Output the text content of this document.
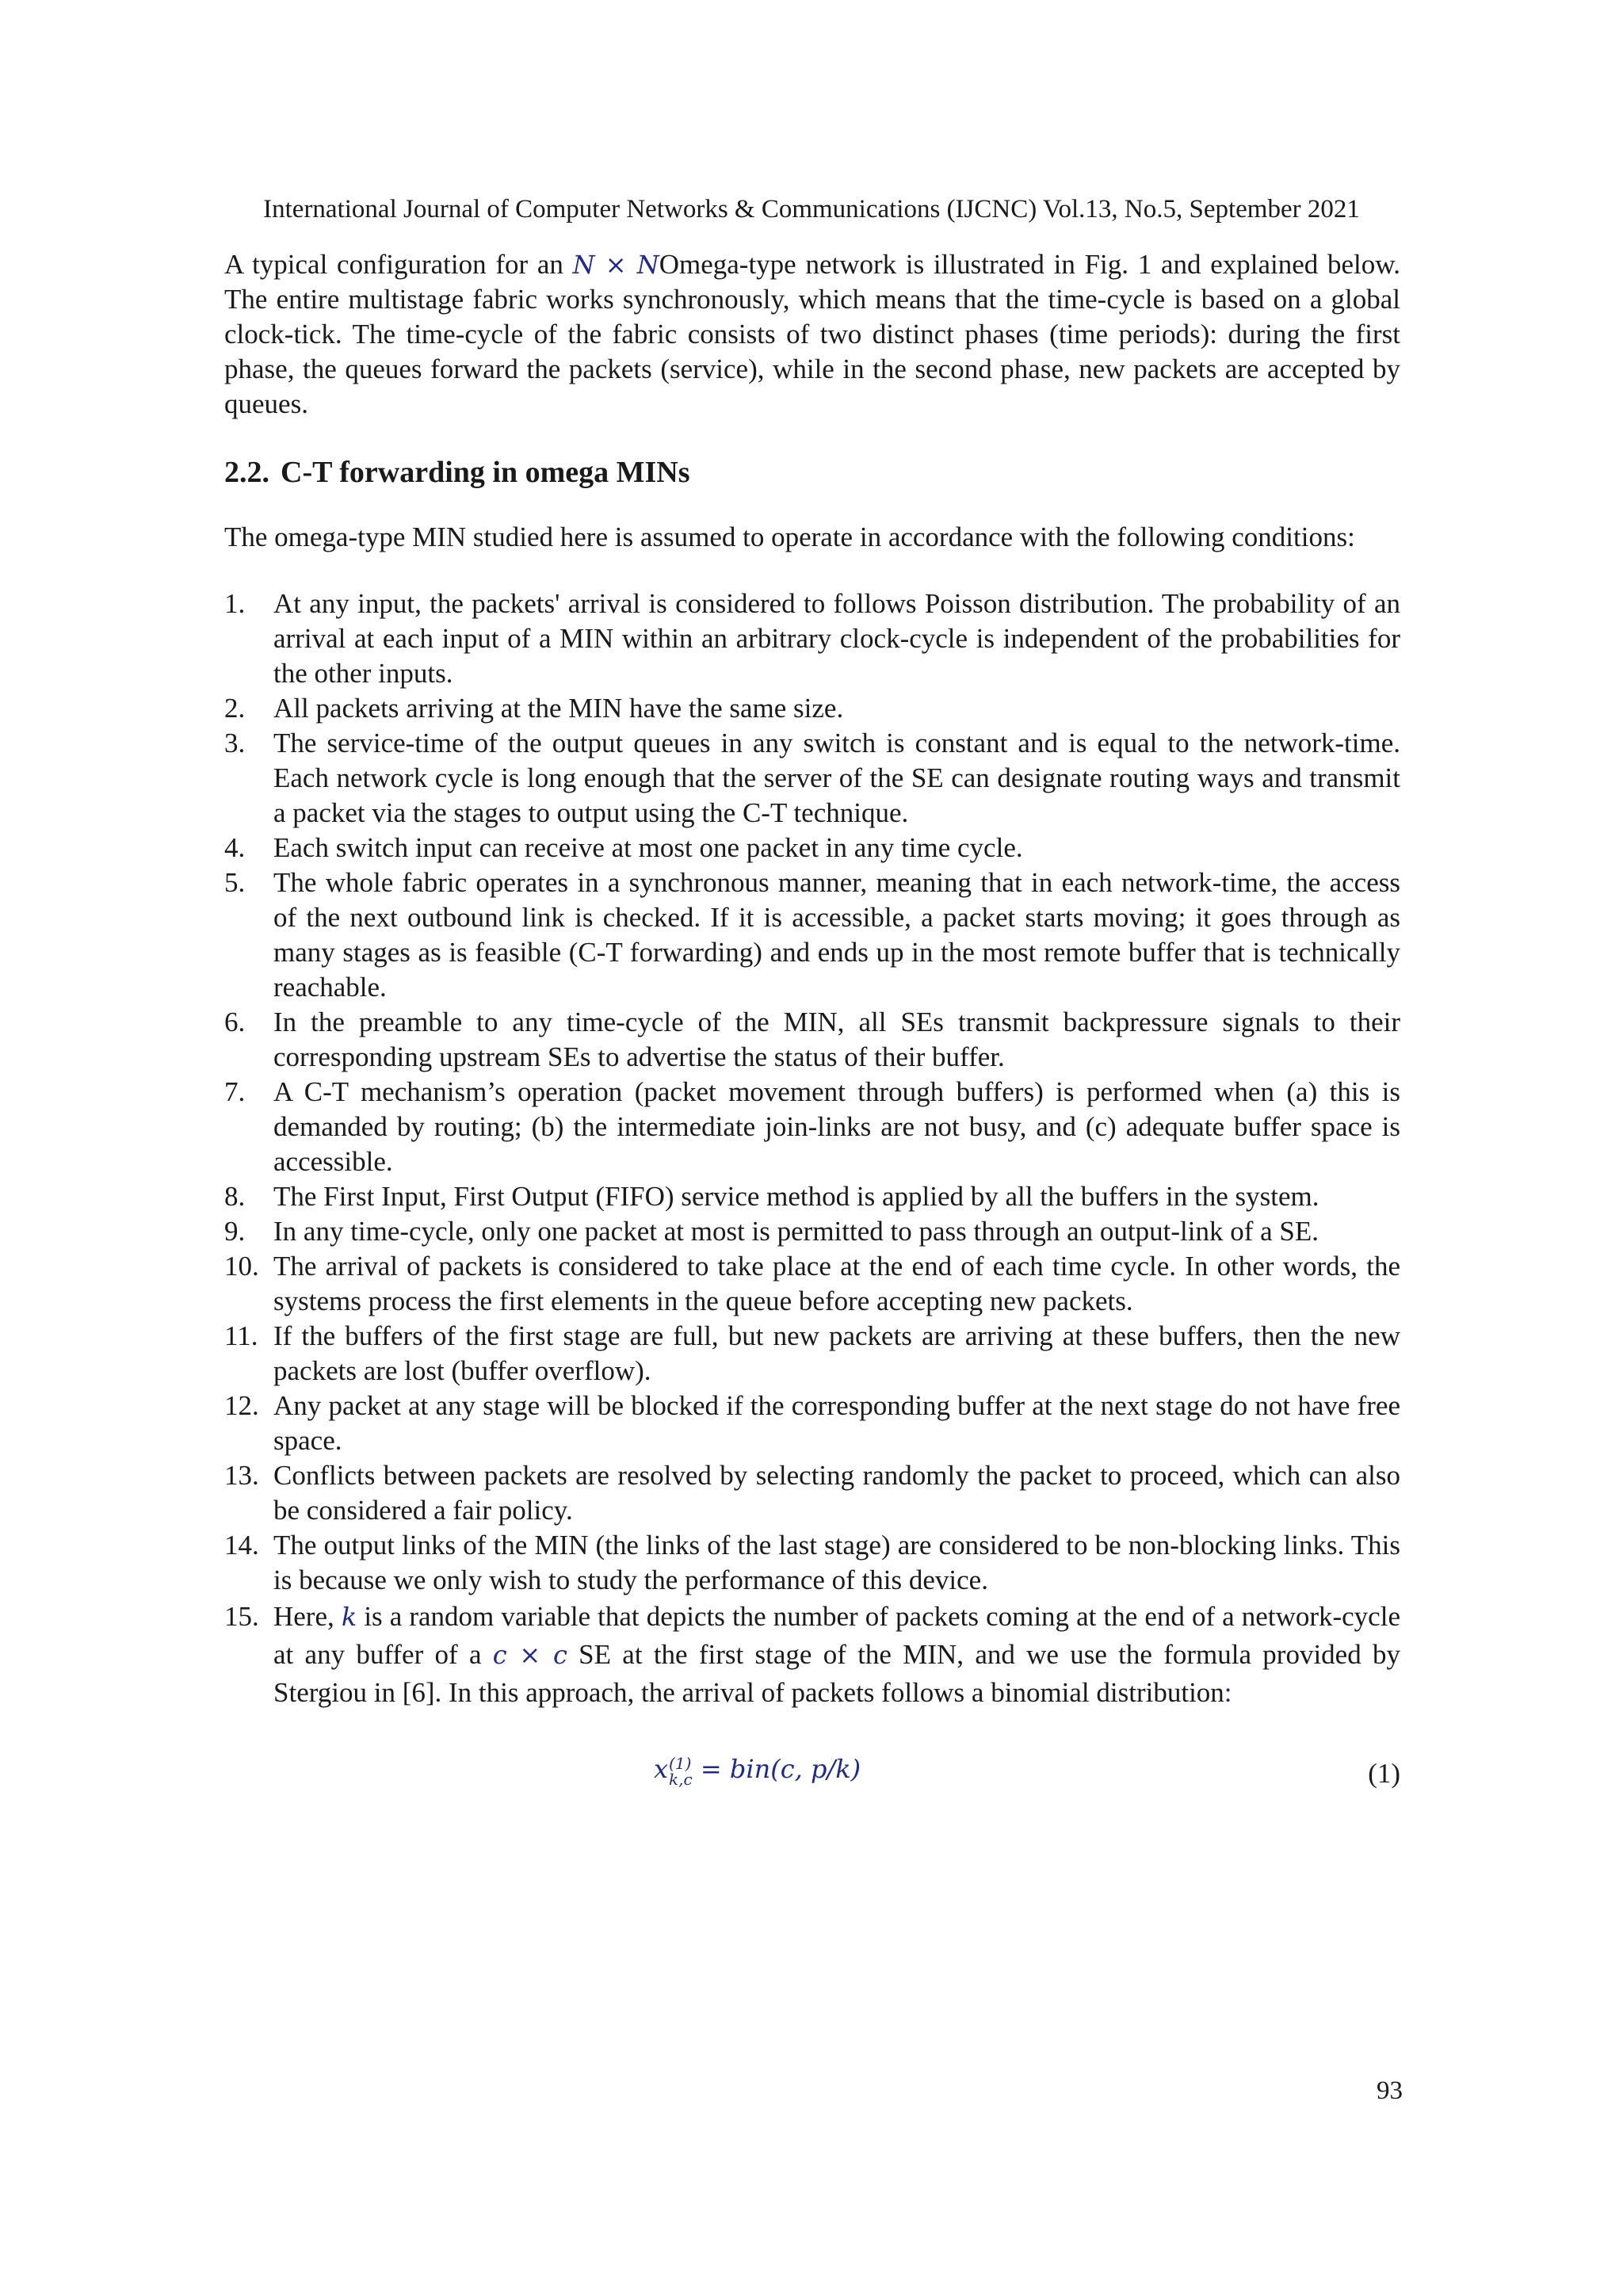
International Journal of Computer Networks & Communications (IJCNC) Vol.13, No.5, September 2021

A typical configuration for an N × NOmega-type network is illustrated in Fig. 1 and explained below. The entire multistage fabric works synchronously, which means that the time-cycle is based on a global clock-tick. The time-cycle of the fabric consists of two distinct phases (time periods): during the first phase, the queues forward the packets (service), while in the second phase, new packets are accepted by queues.

2.2. C-T forwarding in omega MINs

The omega-type MIN studied here is assumed to operate in accordance with the following conditions:

1.	At any input, the packets' arrival is considered to follows Poisson distribution. The probability of an arrival at each input of a MIN within an arbitrary clock-cycle is independent of the probabilities for the other inputs.
2.	All packets arriving at the MIN have the same size.
3.	The service-time of the output queues in any switch is constant and is equal to the network-time. Each network cycle is long enough that the server of the SE can designate routing ways and transmit a packet via the stages to output using the C-T technique.
4.	Each switch input can receive at most one packet in any time cycle.
5.	The whole fabric operates in a synchronous manner, meaning that in each network-time, the access of the next outbound link is checked. If it is accessible, a packet starts moving; it goes through as many stages as is feasible (C-T forwarding) and ends up in the most remote buffer that is technically reachable.
6.	In the preamble to any time-cycle of the MIN, all SEs transmit backpressure signals to their corresponding upstream SEs to advertise the status of their buffer.
7.	A C-T mechanism’s operation (packet movement through buffers) is performed when (a) this is demanded by routing; (b) the intermediate join-links are not busy, and (c) adequate buffer space is accessible.
8.	The First Input, First Output (FIFO) service method is applied by all the buffers in the system.
9.	In any time-cycle, only one packet at most is permitted to pass through an output-link of a SE.
10. The arrival of packets is considered to take place at the end of each time cycle. In other words, the systems process the first elements in the queue before accepting new packets.
11. If the buffers of the first stage are full, but new packets are arriving at these buffers, then the new packets are lost (buffer overflow).
12. Any packet at any stage will be blocked if the corresponding buffer at the next stage do not have free space.
13. Conflicts between packets are resolved by selecting randomly the packet to proceed, which can also be considered a fair policy.
14. The output links of the MIN (the links of the last stage) are considered to be non-blocking links. This is because we only wish to study the performance of this device.
15. Here, k is a random variable that depicts the number of packets coming at the end of a network-cycle at any buffer of a c × c SE at the first stage of the MIN, and we use the formula provided by Stergiou in [6]. In this approach, the arrival of packets follows a binomial distribution:
x (1)
k,c = bin(c, p/k)	(1)
93
